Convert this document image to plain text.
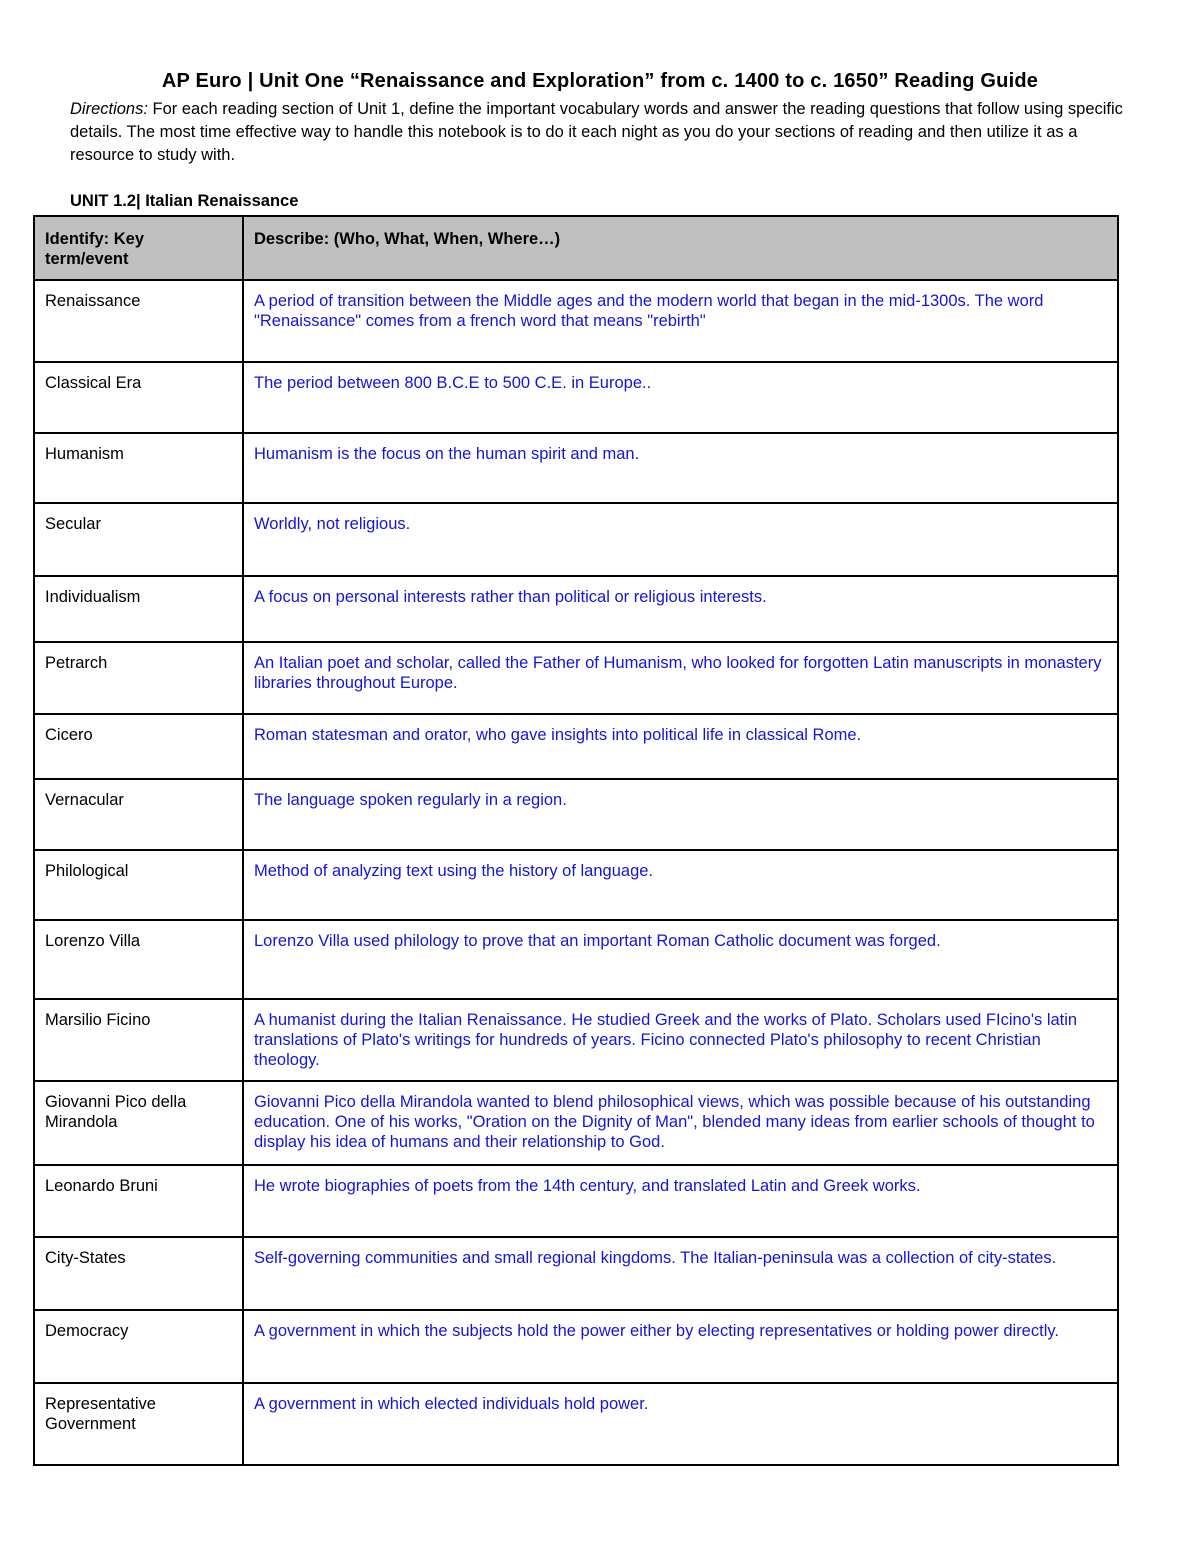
AP Euro | Unit One “Renaissance and Exploration” from c. 1400 to c. 1650” Reading Guide
Directions: For each reading section of Unit 1, define the important vocabulary words and answer the reading questions that follow using specific details. The most time effective way to handle this notebook is to do it each night as you do your sections of reading and then utilize it as a resource to study with.
UNIT 1.2| Italian Renaissance
Identify: Key term/event	Describe: (Who, What, When, Where…)
Renaissance	A period of transition between the Middle ages and the modern world that began in the mid-1300s. The word "Renaissance" comes from a french word that means "rebirth"
Classical Era	The period between 800 B.C.E to 500 C.E. in Europe..
Humanism	Humanism is the focus on the human spirit and man.
Secular	Worldly, not religious.
Individualism	A focus on personal interests rather than political or religious interests.
Petrarch	An Italian poet and scholar, called the Father of Humanism, who looked for forgotten Latin manuscripts in monastery libraries throughout Europe.
Cicero	Roman statesman and orator, who gave insights into political life in classical Rome.
Vernacular	The language spoken regularly in a region.
Philological	Method of analyzing text using the history of language.
Lorenzo Villa	Lorenzo Villa used philology to prove that an important Roman Catholic document was forged.
Marsilio Ficino	A humanist during the Italian Renaissance. He studied Greek and the works of Plato. Scholars used FIcino's latin translations of Plato's writings for hundreds of years. Ficino connected Plato's philosophy to recent Christian theology.
Giovanni Pico della Mirandola	Giovanni Pico della Mirandola wanted to blend philosophical views, which was possible because of his outstanding education. One of his works, "Oration on the Dignity of Man", blended many ideas from earlier schools of thought to display his idea of humans and their relationship to God.
Leonardo Bruni	He wrote biographies of poets from the 14th century, and translated Latin and Greek works.
City-States	Self-governing communities and small regional kingdoms. The Italian-peninsula was a collection of city-states.
Democracy	A government in which the subjects hold the power either by electing representatives or holding power directly.
Representative Government	A government in which elected individuals hold power.
